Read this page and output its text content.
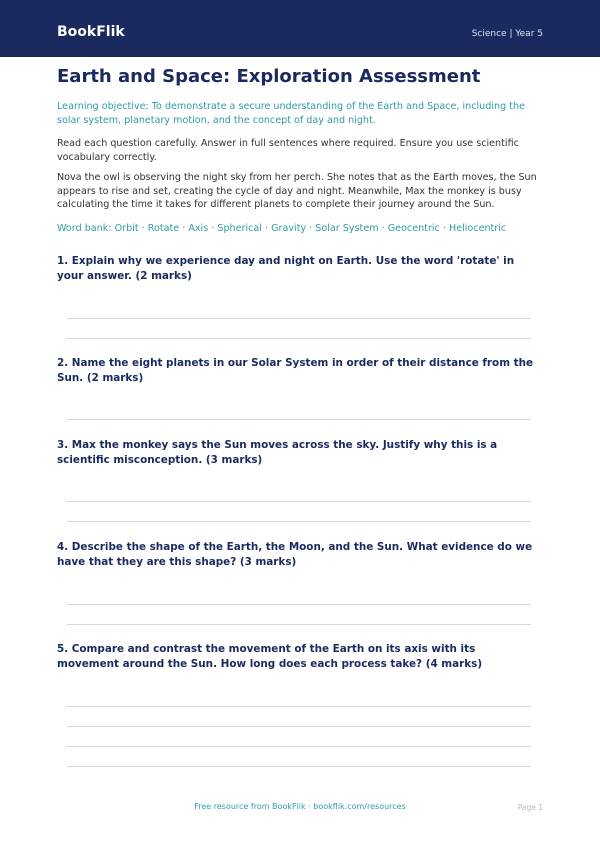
BookFlik	Science | Year 5
Earth and Space: Exploration Assessment

Learning objective: To demonstrate a secure understanding of the Earth and Space, including the solar system, planetary motion, and the concept of day and night.

Read each question carefully. Answer in full sentences where required. Ensure you use scientific vocabulary correctly.

Nova the owl is observing the night sky from her perch. She notes that as the Earth moves, the Sun appears to rise and set, creating the cycle of day and night. Meanwhile, Max the monkey is busy calculating the time it takes for different planets to complete their journey around the Sun.

Word bank: Orbit · Rotate · Axis · Spherical · Gravity · Solar System · Geocentric · Heliocentric

1. Explain why we experience day and night on Earth. Use the word 'rotate' in your answer. (2 marks)

2. Name the eight planets in our Solar System in order of their distance from the Sun. (2 marks)

3. Max the monkey says the Sun moves across the sky. Justify why this is a scientific misconception. (3 marks)

4. Describe the shape of the Earth, the Moon, and the Sun. What evidence do we have that they are this shape? (3 marks)

5. Compare and contrast the movement of the Earth on its axis with its movement around the Sun. How long does each process take? (4 marks)

Free resource from BookFlik · bookflik.com/resources	Page 1
